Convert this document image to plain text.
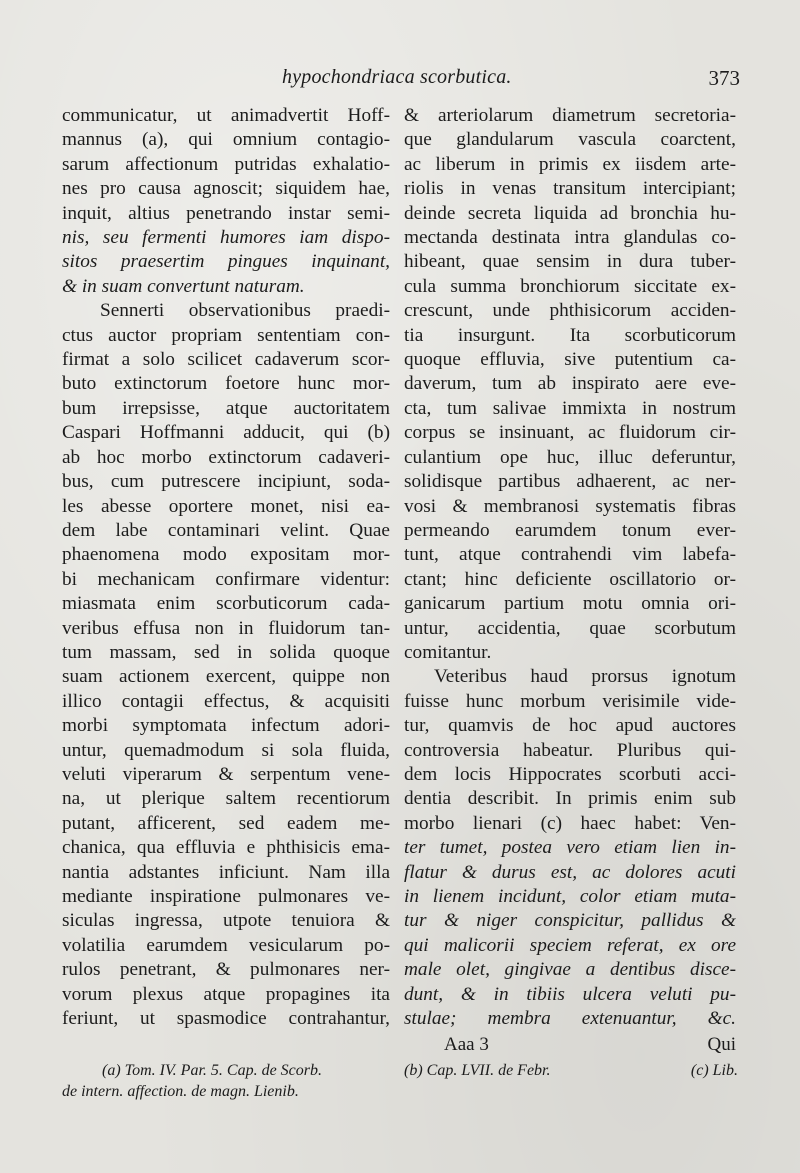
hypochondriaca scorbutica.	373
communicatur, ut animadvertit Hoff-
mannus (a), qui omnium contagio-
sarum affectionum putridas exhalatio-
nes pro causa agnoscit; siquidem hae,
inquit, altius penetrando instar semi-
nis, seu fermenti humores iam dispo-
sitos praesertim pingues inquinant,
& in suam convertunt naturam.
Sennerti observationibus praedi-
ctus auctor propriam sententiam con-
firmat a solo scilicet cadaverum scor-
buto extinctorum foetore hunc mor-
bum irrepsisse, atque auctoritatem
Caspari Hoffmanni adducit, qui (b)
ab hoc morbo extinctorum cadaveri-
bus, cum putrescere incipiunt, soda-
les abesse oportere monet, nisi ea-
dem labe contaminari velint. Quae
phaenomena modo expositam mor-
bi mechanicam confirmare videntur:
miasmata enim scorbuticorum cada-
veribus effusa non in fluidorum tan-
tum massam, sed in solida quoque
suam actionem exercent, quippe non
illico contagii effectus, & acquisiti
morbi symptomata infectum adori-
untur, quemadmodum si sola fluida,
veluti viperarum & serpentum vene-
na, ut plerique saltem recentiorum
putant, afficerent, sed eadem me-
chanica, qua effluvia e phthisicis ema-
nantia adstantes inficiunt. Nam illa
mediante inspiratione pulmonares ve-
siculas ingressa, utpote tenuiora &
volatilia earumdem vesicularum po-
rulos penetrant, & pulmonares ner-
vorum plexus atque propagines ita
feriunt, ut spasmodice contrahantur,
& arteriolarum diametrum secretoria-
que glandularum vascula coarctent,
ac liberum in primis ex iisdem arte-
riolis in venas transitum intercipiant;
deinde secreta liquida ad bronchia hu-
mectanda destinata intra glandulas co-
hibeant, quae sensim in dura tuber-
cula summa bronchiorum siccitate ex-
crescunt, unde phthisicorum acciden-
tia insurgunt. Ita scorbuticorum
quoque effluvia, sive putentium ca-
daverum, tum ab inspirato aere eve-
cta, tum salivae immixta in nostrum
corpus se insinuant, ac fluidorum cir-
culantium ope huc, illuc deferuntur,
solidisque partibus adhaerent, ac ner-
vosi & membranosi systematis fibras
permeando earumdem tonum ever-
tunt, atque contrahendi vim labefa-
ctant; hinc deficiente oscillatorio or-
ganicarum partium motu omnia ori-
untur, accidentia, quae scorbutum
comitantur.
Veteribus haud prorsus ignotum
fuisse hunc morbum verisimile vide-
tur, quamvis de hoc apud auctores
controversia habeatur. Pluribus qui-
dem locis Hippocrates scorbuti acci-
dentia describit. In primis enim sub
morbo lienari (c) haec habet: Ven-
ter tumet, postea vero etiam lien in-
flatur & durus est, ac dolores acuti
in lienem incidunt, color etiam muta-
tur & niger conspicitur, pallidus &
qui malicorii speciem referat, ex ore
male olet, gingivae a dentibus disce-
dunt, & in tibiis ulcera veluti pu-
stulae; membra extenuantur, &c.
Aaa 3	Qui
(a) Tom. IV. Par. 5. Cap. de Scorb.
de intern. affection. de magn. Lienib.
(b) Cap. LVII. de Febr.	(c) Lib.
